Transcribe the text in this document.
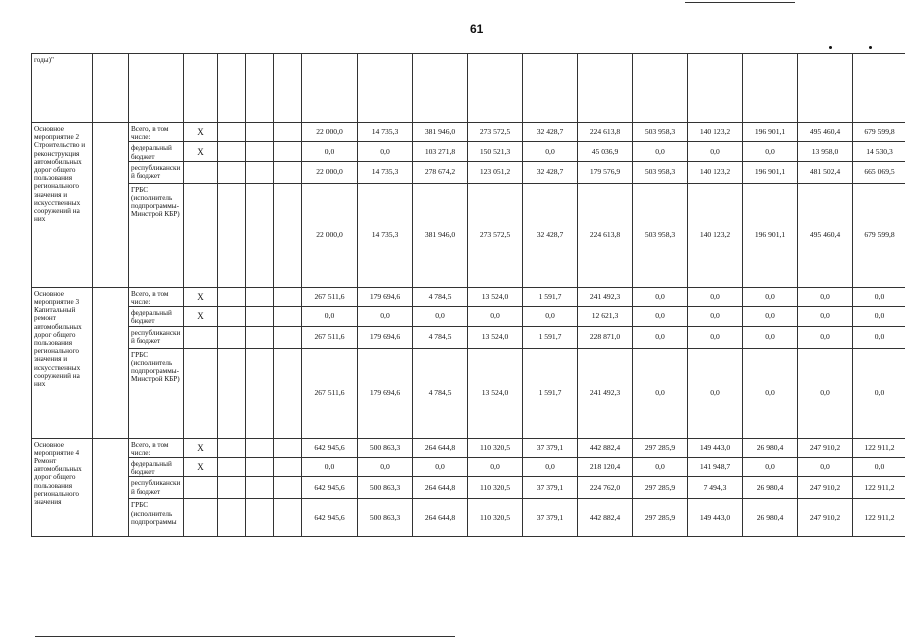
61
годы)"																	
Основное мероприятие 2 Строительство и реконструкция автомобильных дорог общего пользования регионального значения и искусственных сооружений на них		Всего, в том числе:	X				22 000,0	14 735,3	381 946,0	273 572,5	32 428,7	224 613,8	503 958,3	140 123,2	196 901,1	495 460,4	679 599,8
		федеральный бюджет	X				0,0	0,0	103 271,8	150 521,3	0,0	45 036,9	0,0	0,0	0,0	13 958,0	14 530,3
		республиканский бюджет					22 000,0	14 735,3	278 674,2	123 051,2	32 428,7	179 576,9	503 958,3	140 123,2	196 901,1	481 502,4	665 069,5
		ГРБС (исполнитель подпрограммы- Минстрой КБР)					22 000,0	14 735,3	381 946,0	273 572,5	32 428,7	224 613,8	503 958,3	140 123,2	196 901,1	495 460,4	679 599,8
Основное мероприятие 3 Капитальный ремонт автомобильных дорог общего пользования регионального значения и искусственных сооружений на них		Всего, в том числе:	X				267 511,6	179 694,6	4 784,5	13 524,0	1 591,7	241 492,3	0,0	0,0	0,0	0,0	0,0
		федеральный бюджет	X				0,0	0,0	0,0	0,0	0,0	12 621,3	0,0	0,0	0,0	0,0	0,0
		республиканский бюджет					267 511,6	179 694,6	4 784,5	13 524,0	1 591,7	228 871,0	0,0	0,0	0,0	0,0	0,0
		ГРБС (исполнитель подпрограммы- Минстрой КБР)					267 511,6	179 694,6	4 784,5	13 524,0	1 591,7	241 492,3	0,0	0,0	0,0	0,0	0,0
Основное мероприятие 4 Ремонт автомобильных дорог общего пользования регионального значения		Всего, в том числе:	X				642 945,6	500 863,3	264 644,8	110 320,5	37 379,1	442 882,4	297 285,9	149 443,0	26 980,4	247 910,2	122 911,2
		федеральный бюджет	X				0,0	0,0	0,0	0,0	0,0	218 120,4	0,0	141 948,7	0,0	0,0	0,0
		республиканский бюджет					642 945,6	500 863,3	264 644,8	110 320,5	37 379,1	224 762,0	297 285,9	7 494,3	26 980,4	247 910,2	122 911,2
		ГРБС (исполнитель подпрограммы					642 945,6	500 863,3	264 644,8	110 320,5	37 379,1	442 882,4	297 285,9	149 443,0	26 980,4	247 910,2	122 911,2
